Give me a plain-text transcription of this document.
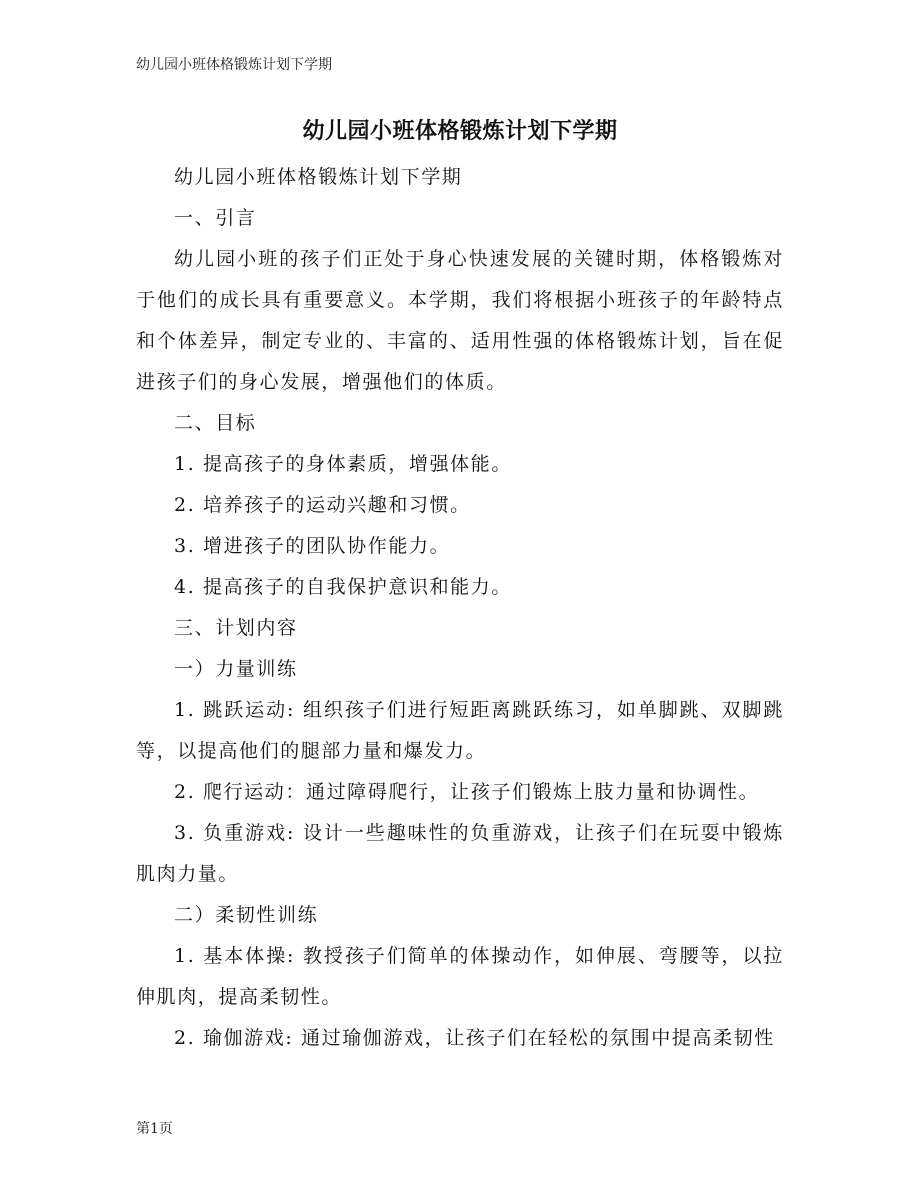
幼儿园小班体格锻炼计划下学期
幼儿园小班体格锻炼计划下学期

幼儿园小班体格锻炼计划下学期

一、引言

幼儿园小班的孩子们正处于身心快速发展的关键时期，体格锻炼对于他们的成长具有重要意义。本学期，我们将根据小班孩子的年龄特点和个体差异，制定专业的、丰富的、适用性强的体格锻炼计划，旨在促进孩子们的身心发展，增强他们的体质。

二、目标

1. 提高孩子的身体素质，增强体能。

2. 培养孩子的运动兴趣和习惯。

3. 增进孩子的团队协作能力。

4. 提高孩子的自我保护意识和能力。

三、计划内容

一）力量训练

1. 跳跃运动: 组织孩子们进行短距离跳跃练习，如单脚跳、双脚跳等，以提高他们的腿部力量和爆发力。

2. 爬行运动：通过障碍爬行，让孩子们锻炼上肢力量和协调性。

3. 负重游戏: 设计一些趣味性的负重游戏，让孩子们在玩耍中锻炼肌肉力量。

二）柔韧性训练

1. 基本体操: 教授孩子们简单的体操动作，如伸展、弯腰等，以拉伸肌肉，提高柔韧性。

2. 瑜伽游戏: 通过瑜伽游戏，让孩子们在轻松的氛围中提高柔韧性

第1页
